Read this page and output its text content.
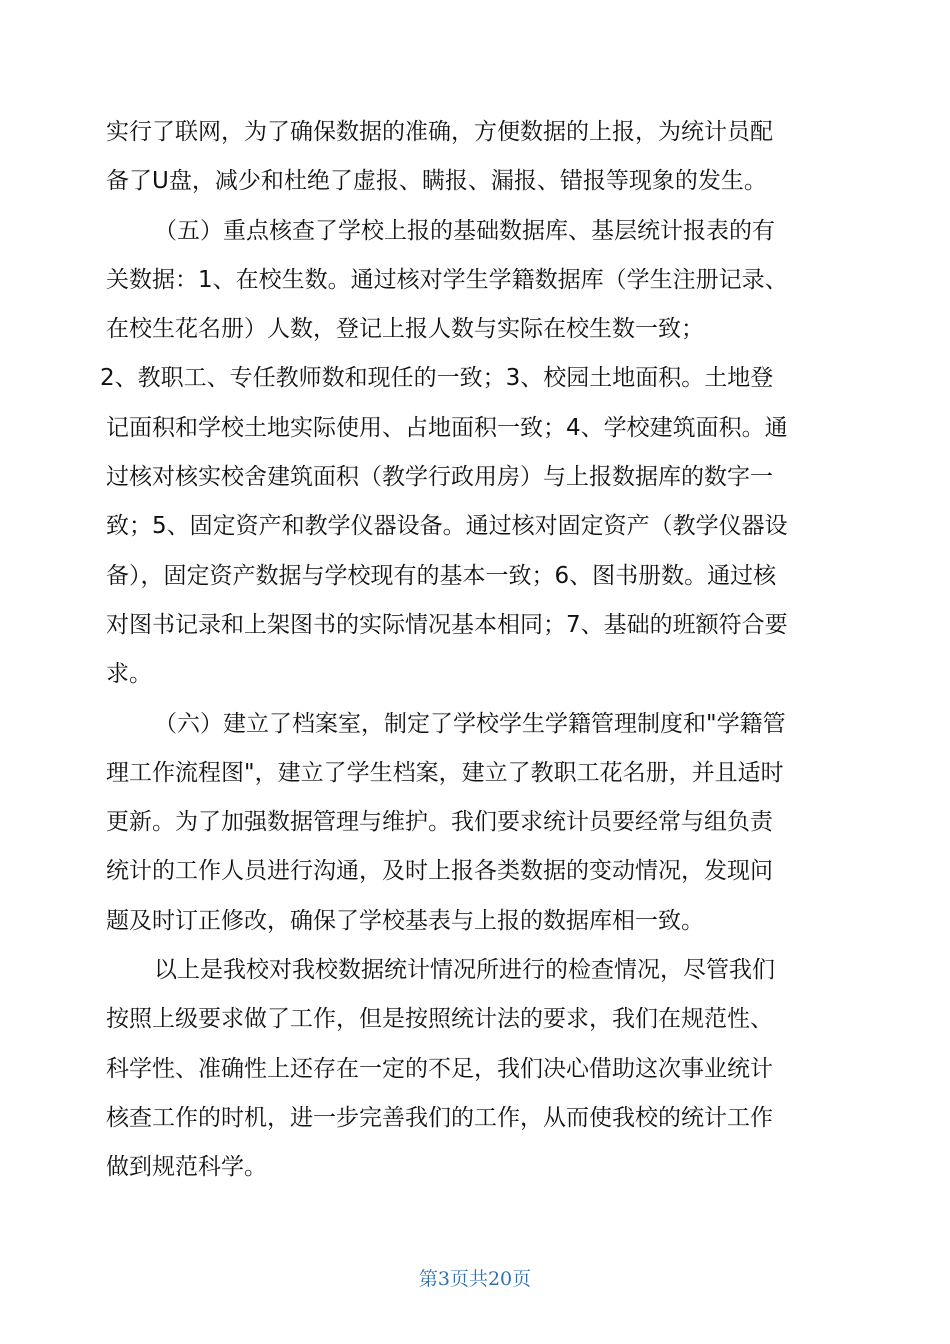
实行了联网，为了确保数据的准确，方便数据的上报，为统计员配
备了U盘，减少和杜绝了虚报、瞒报、漏报、错报等现象的发生。
（五）重点核查了学校上报的基础数据库、基层统计报表的有
关数据：1、在校生数。通过核对学生学籍数据库（学生注册记录、
在校生花名册）人数，登记上报人数与实际在校生数一致；
2、教职工、专任教师数和现任的一致；3、校园土地面积。土地登
记面积和学校土地实际使用、占地面积一致；4、学校建筑面积。通
过核对核实校舍建筑面积（教学行政用房）与上报数据库的数字一
致；5、固定资产和教学仪器设备。通过核对固定资产（教学仪器设
备），固定资产数据与学校现有的基本一致；6、图书册数。通过核
对图书记录和上架图书的实际情况基本相同；7、基础的班额符合要
求。
（六）建立了档案室，制定了学校学生学籍管理制度和"学籍管
理工作流程图"，建立了学生档案，建立了教职工花名册，并且适时
更新。为了加强数据管理与维护。我们要求统计员要经常与组负责
统计的工作人员进行沟通，及时上报各类数据的变动情况，发现问
题及时订正修改，确保了学校基表与上报的数据库相一致。
以上是我校对我校数据统计情况所进行的检查情况，尽管我们
按照上级要求做了工作，但是按照统计法的要求，我们在规范性、
科学性、准确性上还存在一定的不足，我们决心借助这次事业统计
核查工作的时机，进一步完善我们的工作，从而使我校的统计工作
做到规范科学。
第3页共20页
